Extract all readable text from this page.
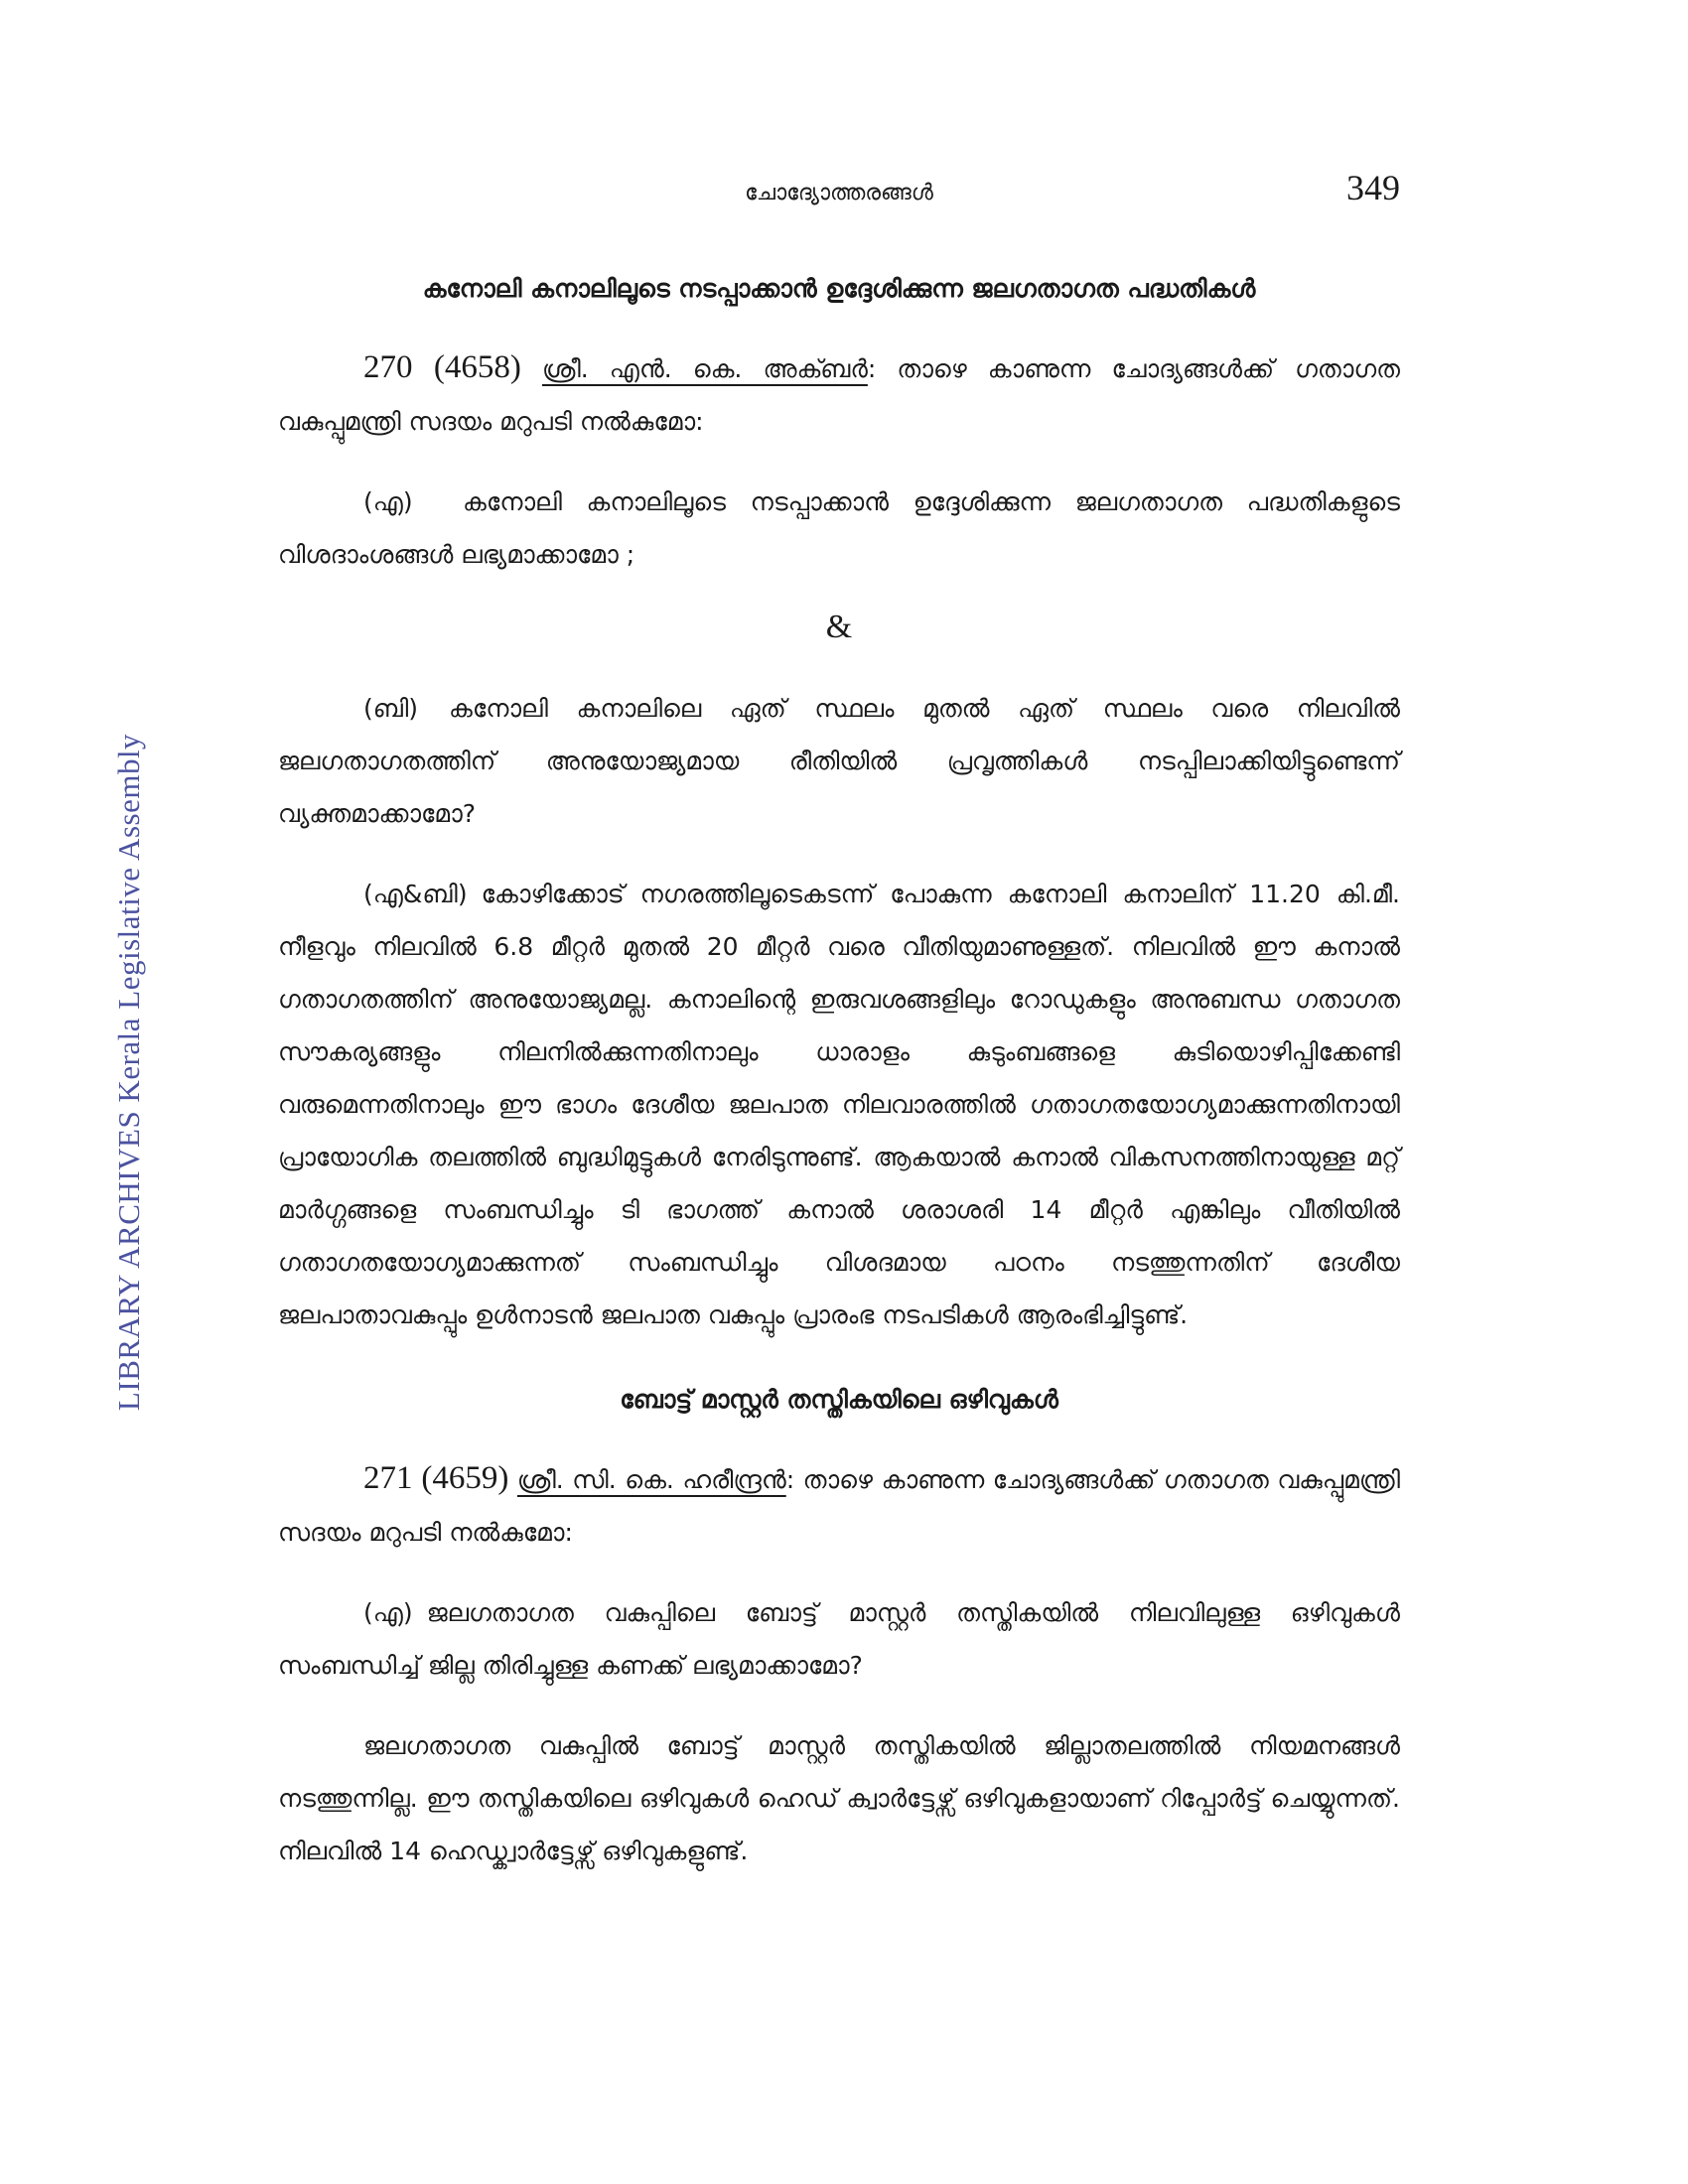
LIBRARY ARCHIVES Kerala Legislative Assembly
ചോദ്യോത്തരങ്ങൾ	349
കനോലി കനാലിലൂടെ നടപ്പാക്കാൻ ഉദ്ദേശിക്കുന്ന ജലഗതാഗത പദ്ധതികൾ

270 (4658) ശ്രീ. എൻ. കെ. അക്ബർ: താഴെ കാണുന്ന ചോദ്യങ്ങൾക്ക് ഗതാഗത വകുപ്പുമന്ത്രി സദയം മറുപടി നൽകുമോ:

(എ) കനോലി കനാലിലൂടെ നടപ്പാക്കാൻ ഉദ്ദേശിക്കുന്ന ജലഗതാഗത പദ്ധതികളുടെ വിശദാംശങ്ങൾ ലഭ്യമാക്കാമോ ;

&

(ബി) കനോലി കനാലിലെ ഏത് സ്ഥലം മുതൽ ഏത് സ്ഥലം വരെ നിലവിൽ ജലഗതാഗതത്തിന് അനുയോജ്യമായ രീതിയിൽ പ്രവൃത്തികൾ നടപ്പിലാക്കിയിട്ടുണ്ടെന്ന് വ്യക്തമാക്കാമോ?

(എ&ബി) കോഴിക്കോട് നഗരത്തിലൂടെകടന്ന് പോകുന്ന കനോലി കനാലിന് 11.20 കി.മീ. നീളവും നിലവിൽ 6.8 മീറ്റർ മുതൽ 20 മീറ്റർ വരെ വീതിയുമാണുള്ളത്. നിലവിൽ ഈ കനാൽ ഗതാഗതത്തിന് അനുയോജ്യമല്ല. കനാലിന്റെ ഇരുവശങ്ങളിലും റോഡുകളും അനുബന്ധ ഗതാഗത സൗകര്യങ്ങളും നിലനിൽക്കുന്നതിനാലും ധാരാളം കുടുംബങ്ങളെ കുടിയൊഴിപ്പിക്കേണ്ടി വരുമെന്നതിനാലും ഈ ഭാഗം ദേശീയ ജലപാത നിലവാരത്തിൽ ഗതാഗതയോഗ്യമാക്കുന്നതിനായി പ്രായോഗിക തലത്തിൽ ബുദ്ധിമുട്ടുകൾ നേരിടുന്നുണ്ട്. ആകയാൽ കനാൽ വികസനത്തിനായുള്ള മറ്റ് മാർഗ്ഗങ്ങളെ സംബന്ധിച്ചും ടി ഭാഗത്ത് കനാൽ ശരാശരി 14 മീറ്റർ എങ്കിലും വീതിയിൽ ഗതാഗതയോഗ്യമാക്കുന്നത് സംബന്ധിച്ചും വിശദമായ പഠനം നടത്തുന്നതിന് ദേശീയ ജലപാതാവകുപ്പും ഉൾനാടൻ ജലപാത വകുപ്പും പ്രാരംഭ നടപടികൾ ആരംഭിച്ചിട്ടുണ്ട്.

ബോട്ട് മാസ്റ്റർ തസ്തികയിലെ ഒഴിവുകൾ

271 (4659) ശ്രീ. സി. കെ. ഹരീന്ദ്രൻ: താഴെ കാണുന്ന ചോദ്യങ്ങൾക്ക് ഗതാഗത വകുപ്പുമന്ത്രി സദയം മറുപടി നൽകുമോ:

(എ) ജലഗതാഗത വകുപ്പിലെ ബോട്ട് മാസ്റ്റർ തസ്തികയിൽ നിലവിലുള്ള ഒഴിവുകൾ സംബന്ധിച്ച് ജില്ല തിരിച്ചുള്ള കണക്ക് ലഭ്യമാക്കാമോ?

ജലഗതാഗത വകുപ്പിൽ ബോട്ട് മാസ്റ്റർ തസ്തികയിൽ ജില്ലാതലത്തിൽ നിയമനങ്ങൾ നടത്തുന്നില്ല. ഈ തസ്തികയിലെ ഒഴിവുകൾ ഹെഡ് ക്വാർട്ടേഴ്സ് ഒഴിവുകളായാണ് റിപ്പോർട്ട് ചെയ്യുന്നത്. നിലവിൽ 14 ഹെഡ്ക്വാർട്ടേഴ്സ് ഒഴിവുകളുണ്ട്.
